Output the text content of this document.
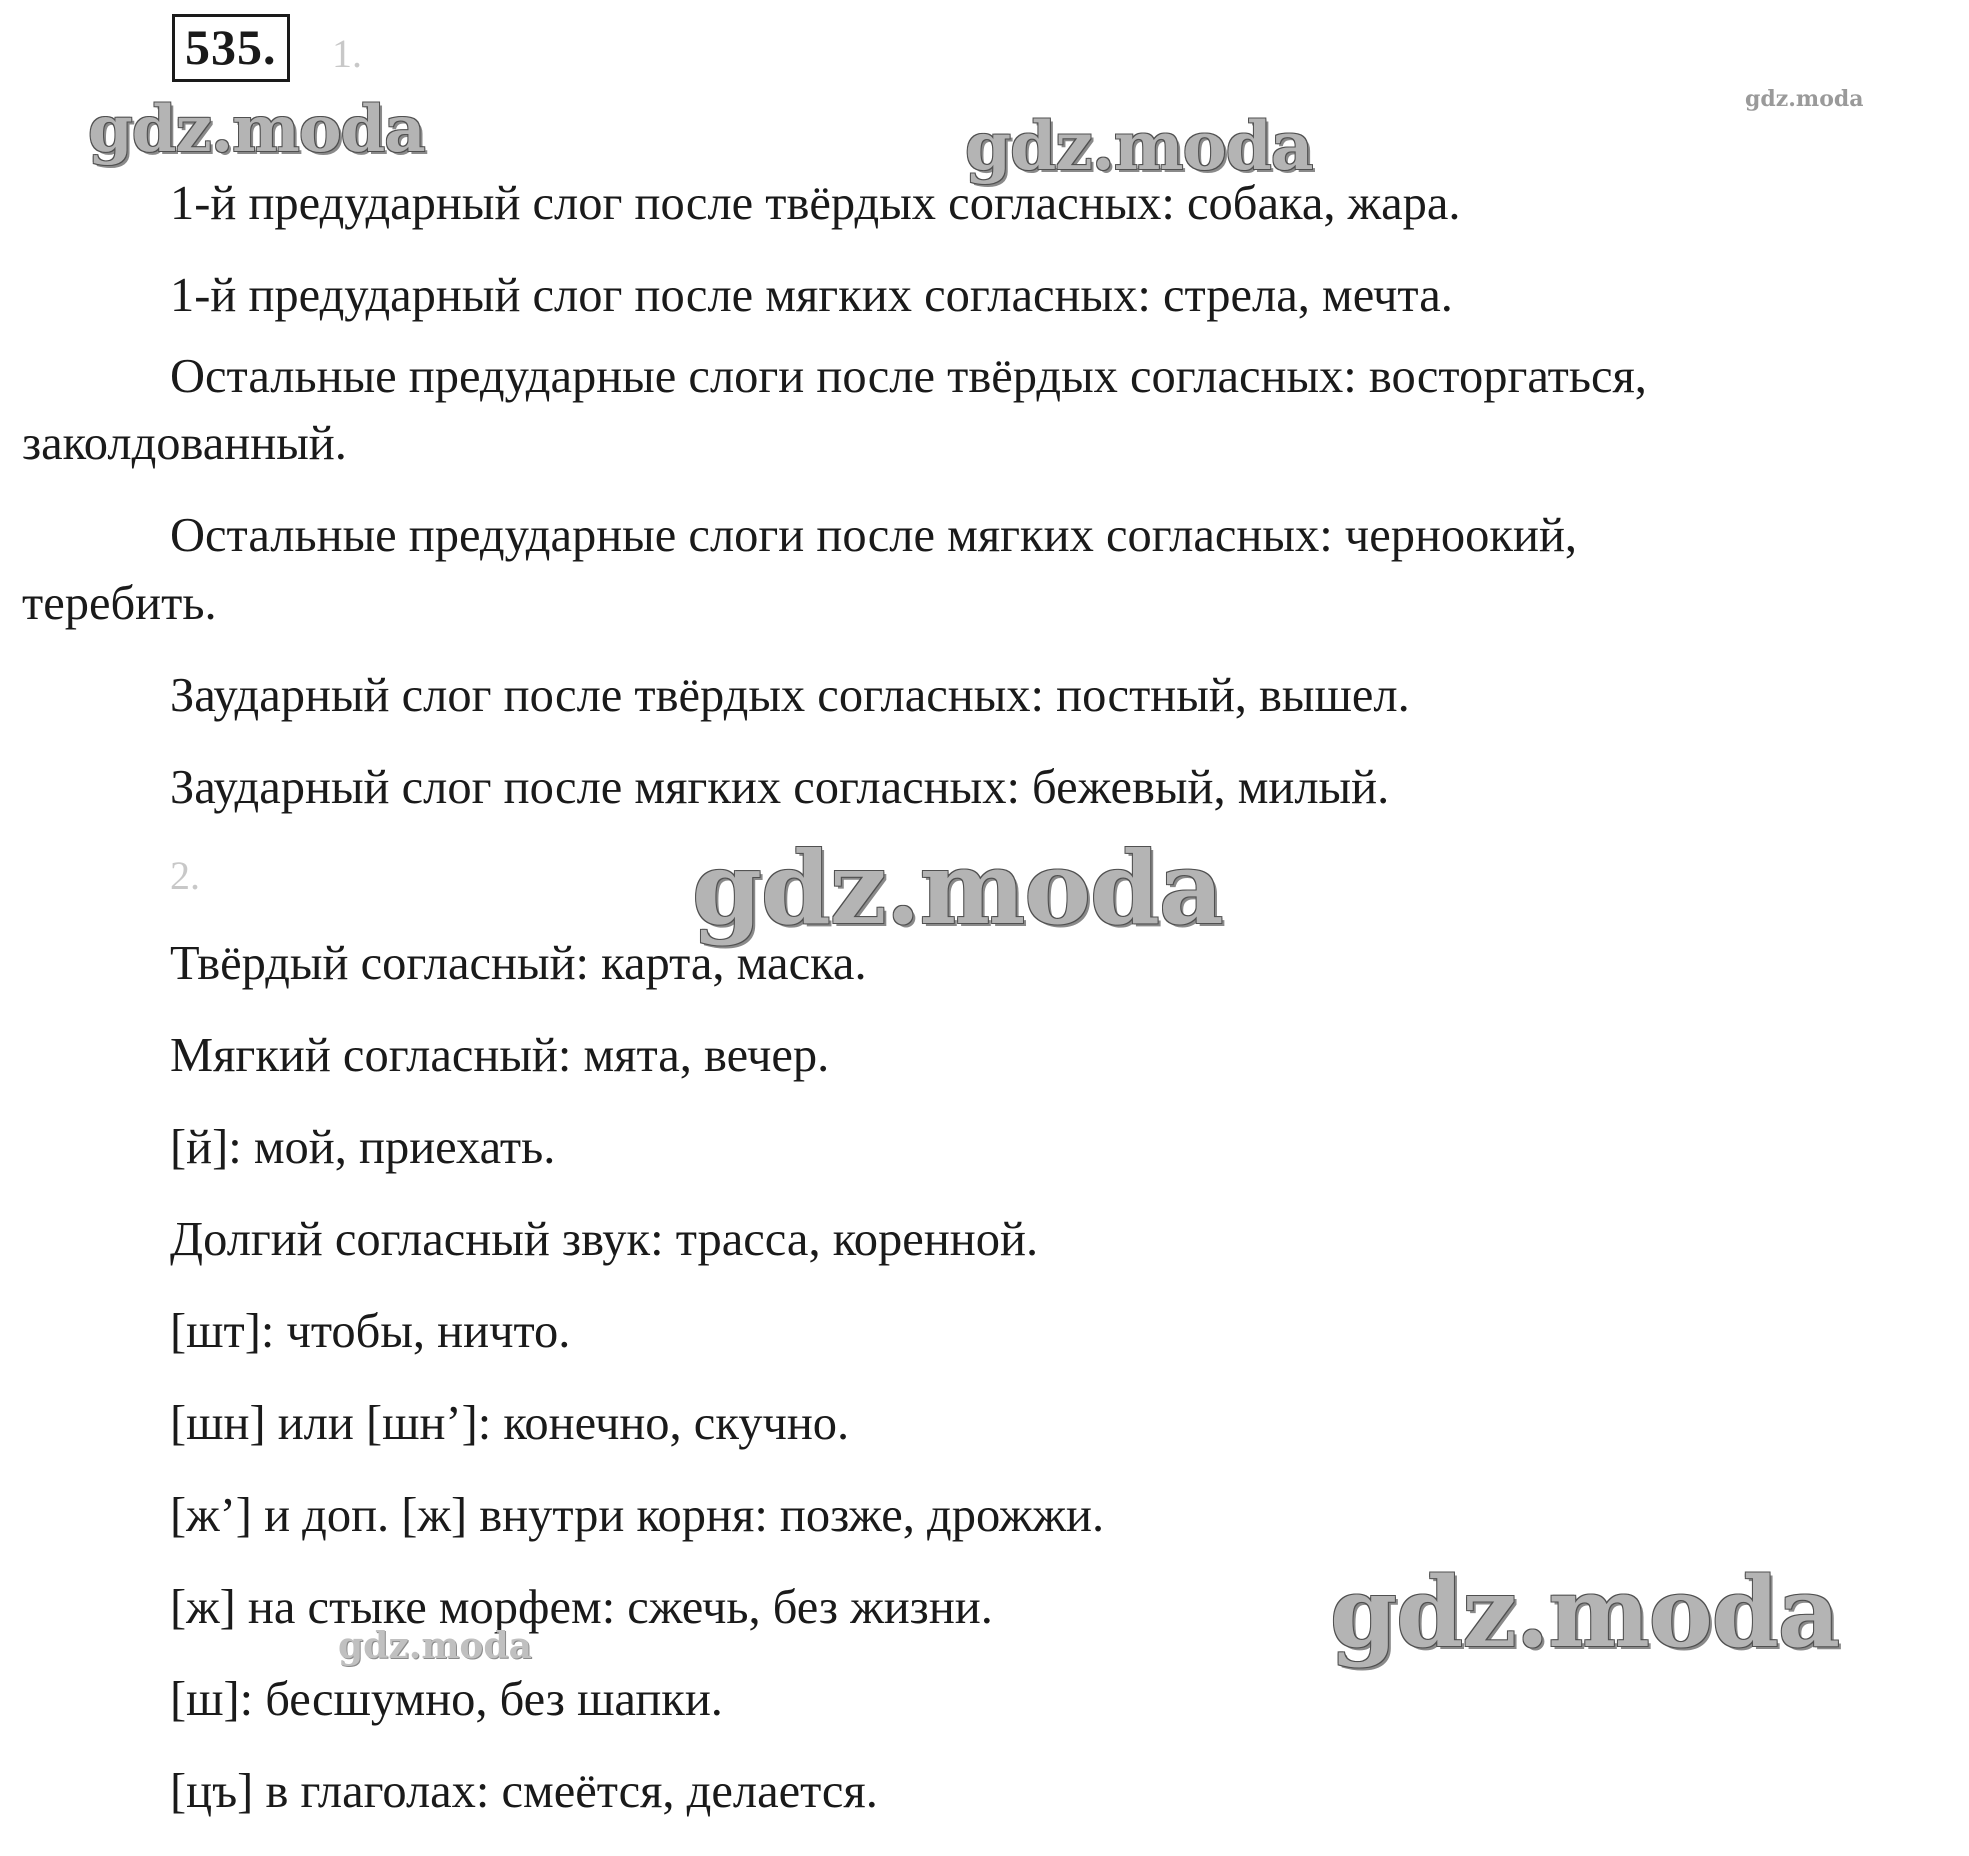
535.	1.
1-й предударный слог после твёрдых согласных: собака, жара.
1-й предударный слог после мягких согласных: стрела, мечта.
Остальные предударные слоги после твёрдых согласных: восторгаться,
заколдованный.
Остальные предударные слоги после мягких согласных: черноокий,
теребить.
Заударный слог после твёрдых согласных: постный, вышел.
Заударный слог после мягких согласных: бежевый, милый.
2.
Твёрдый согласный: карта, маска.
Мягкий согласный: мята, вечер.
[й]: мой, приехать.
Долгий согласный звук: трасса, коренной.
[шт]: чтобы, ничто.
[шн] или [шн’]: конечно, скучно.
[ж’] и доп. [ж] внутри корня: позже, дрожжи.
[ж] на стыке морфем: сжечь, без жизни.
[ш]: бесшумно, без шапки.
[цъ] в глаголах: смеётся, делается.
gdz.moda	gdz.moda
gdz.moda
gdz.moda
gdz.moda
gdz.moda
